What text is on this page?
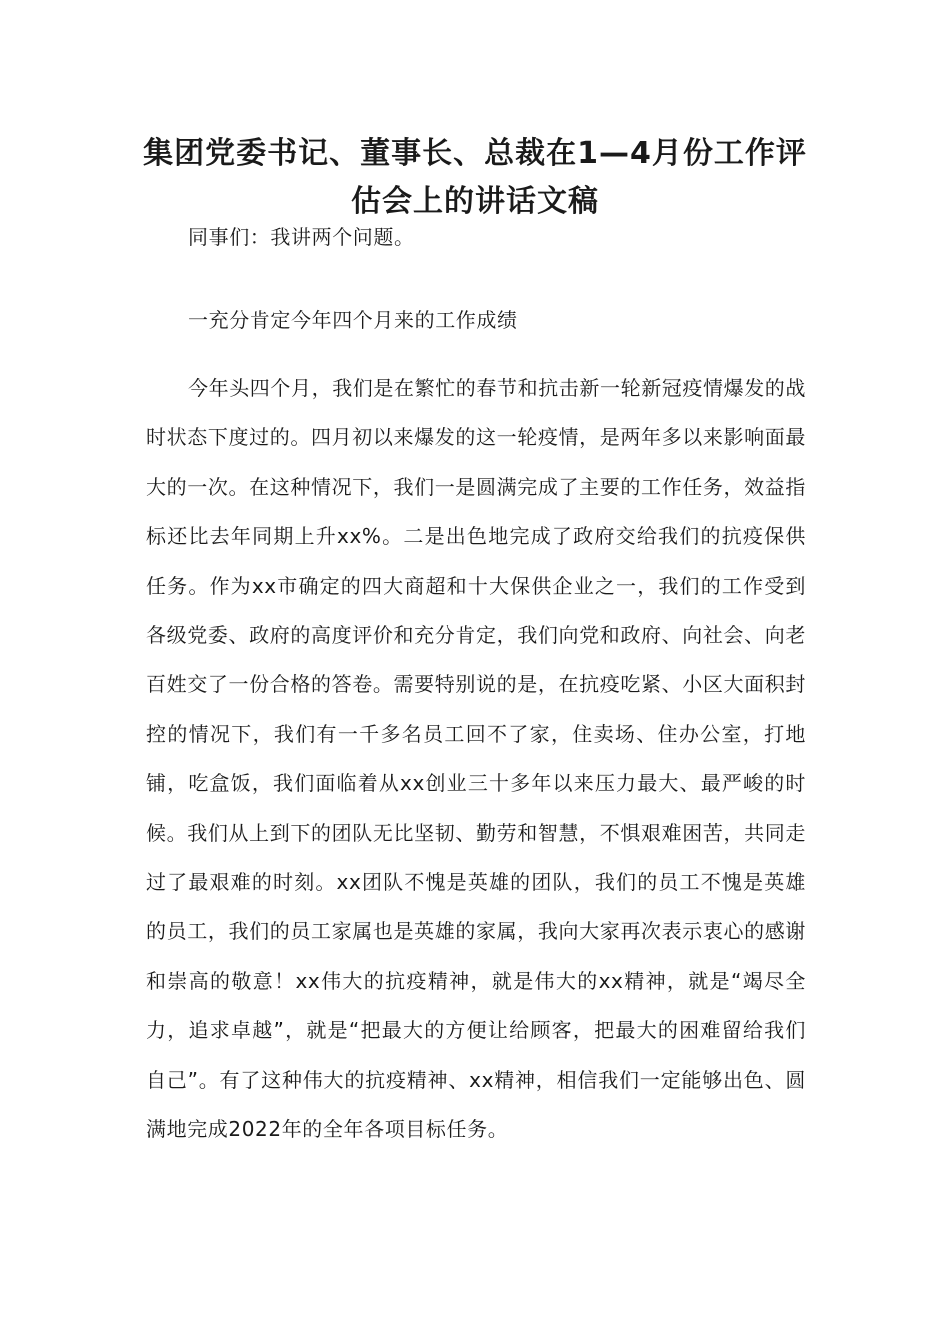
集团党委书记、董事长、总裁在1—4月份工作评估会上的讲话文稿

同事们：我讲两个问题。

一充分肯定今年四个月来的工作成绩

今年头四个月，我们是在繁忙的春节和抗击新一轮新冠疫情爆发的战时状态下度过的。四月初以来爆发的这一轮疫情，是两年多以来影响面最大的一次。在这种情况下，我们一是圆满完成了主要的工作任务，效益指标还比去年同期上升xx%。二是出色地完成了政府交给我们的抗疫保供任务。作为xx市确定的四大商超和十大保供企业之一，我们的工作受到各级党委、政府的高度评价和充分肯定，我们向党和政府、向社会、向老百姓交了一份合格的答卷。需要特别说的是，在抗疫吃紧、小区大面积封控的情况下，我们有一千多名员工回不了家，住卖场、住办公室，打地铺，吃盒饭，我们面临着从xx创业三十多年以来压力最大、最严峻的时候。我们从上到下的团队无比坚韧、勤劳和智慧，不惧艰难困苦，共同走过了最艰难的时刻。xx团队不愧是英雄的团队，我们的员工不愧是英雄的员工，我们的员工家属也是英雄的家属，我向大家再次表示衷心的感谢和崇高的敬意！xx伟大的抗疫精神，就是伟大的xx精神，就是“竭尽全力，追求卓越”，就是“把最大的方便让给顾客，把最大的困难留给我们自己”。有了这种伟大的抗疫精神、xx精神，相信我们一定能够出色、圆满地完成2022年的全年各项目标任务。
